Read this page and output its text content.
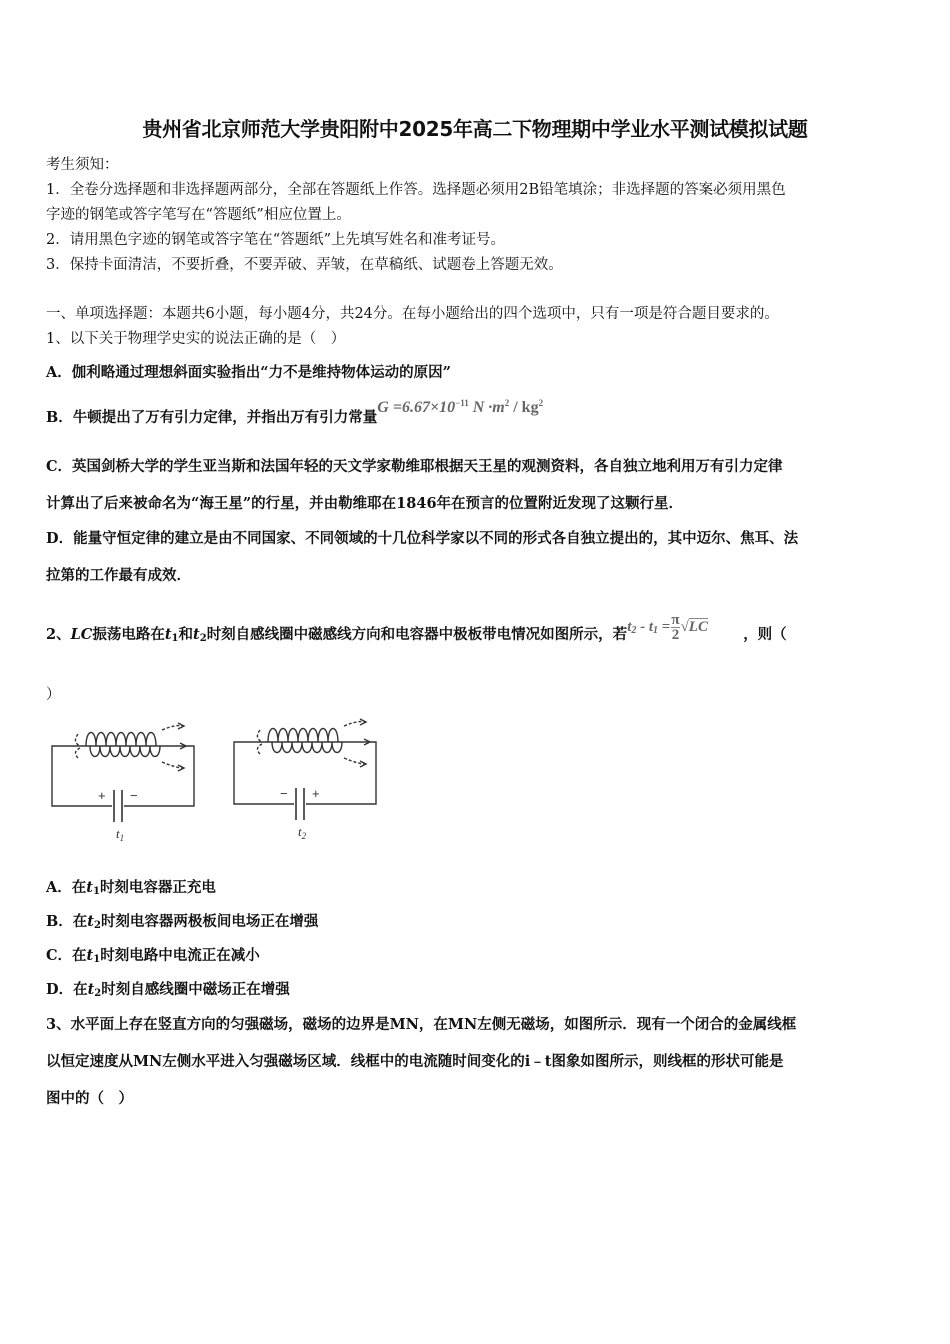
贵州省北京师范大学贵阳附中2025年高二下物理期中学业水平测试模拟试题
考生须知：
1．全卷分选择题和非选择题两部分，全部在答题纸上作答。选择题必须用2B铅笔填涂；非选择题的答案必须用黑色
字迹的钢笔或答字笔写在“答题纸”相应位置上。
2．请用黑色字迹的钢笔或答字笔在“答题纸”上先填写姓名和准考证号。
3．保持卡面清洁，不要折叠，不要弄破、弄皱，在草稿纸、试题卷上答题无效。
一、单项选择题：本题共6小题，每小题4分，共24分。在每小题给出的四个选项中，只有一项是符合题目要求的。
1、以下关于物理学史实的说法正确的是（　）
A．伽利略通过理想斜面实验指出“力不是维持物体运动的原因”
B．牛顿提出了万有引力定律，并指出万有引力常量$G =6.67\times 10^{-11}$ $N \cdot m^2 / kg^2$
C．英国剑桥大学的学生亚当斯和法国年轻的天文学家勒维耶根据天王星的观测资料，各自独立地利用万有引力定律
计算出了后来被命名为“海王星”的行星，并由勒维耶在1846年在预言的位置附近发现了这颗行星．
D．能量守恒定律的建立是由不同国家、不同领域的十几位科学家以不同的形式各自独立提出的，其中迈尔、焦耳、法
拉第的工作最有成效．
2、LC振荡电路在$t_1$和$t_2$时刻自感线圈中磁感线方向和电容器中极板带电情况如图所示，若$t_2 - t_1 = \frac{\pi}{2} √LC$ ，则（
）
+ −
$t_1$
− +
$t_2$
A．在$t_1$时刻电容器正充电
B．在$t_2$时刻电容器两极板间电场正在增强
C．在$t_1$时刻电路中电流正在减小
D．在$t_2$时刻自感线圈中磁场正在增强
3、水平面上存在竖直方向的匀强磁场，磁场的边界是MN，在MN左侧无磁场，如图所示．现有一个闭合的金属线框
以恒定速度从MN左侧水平进入匀强磁场区域．线框中的电流随时间变化的i﹣t图象如图所示，则线框的形状可能是
图中的（　）
